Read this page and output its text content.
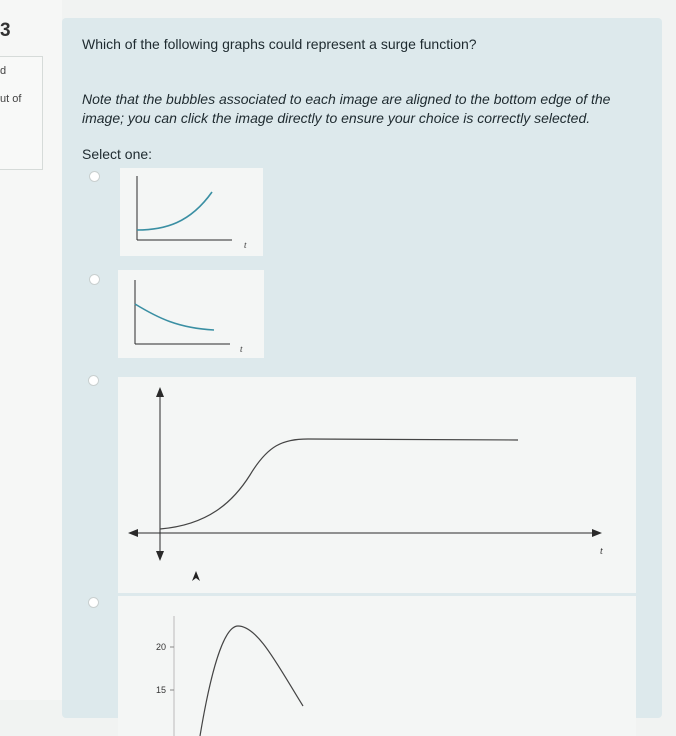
3
d
ut of
Which of the following graphs could represent a surge function?
Note that the bubbles associated to each image are aligned to the bottom edge of the image; you can click the image directly to ensure your choice is correctly selected.
Select one:
t
t
t
20
15
